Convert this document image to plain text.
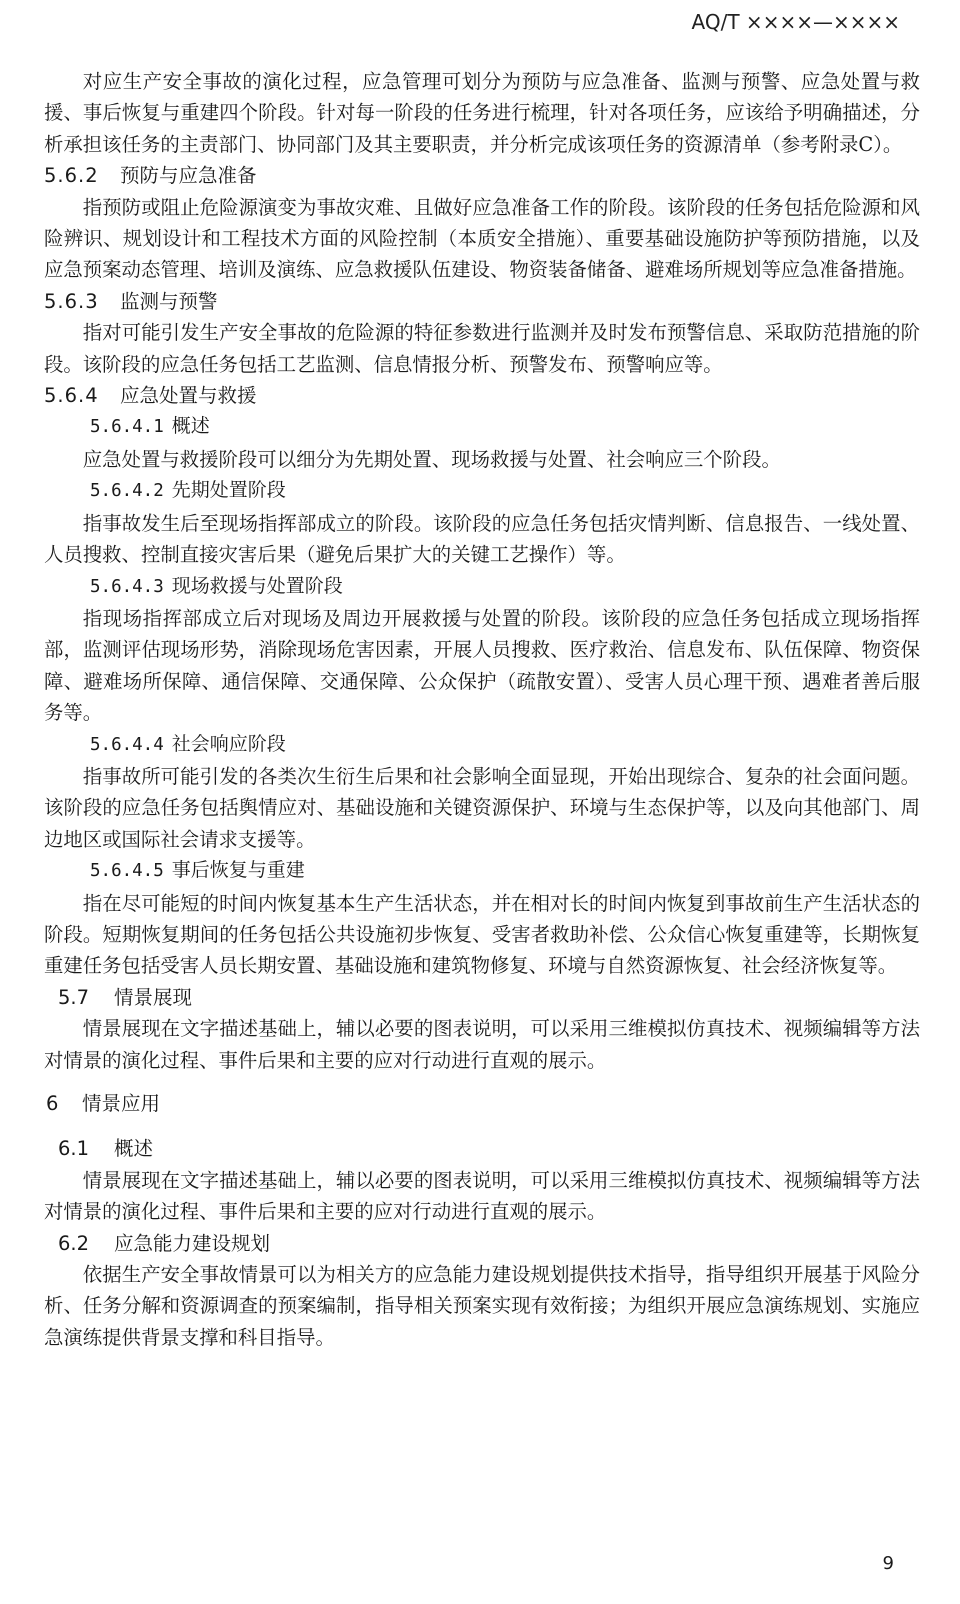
AQ/T ××××—××××

对应生产安全事故的演化过程，应急管理可划分为预防与应急准备、监测与预警、应急处置与救援、事后恢复与重建四个阶段。针对每一阶段的任务进行梳理，针对各项任务，应该给予明确描述，分析承担该任务的主责部门、协同部门及其主要职责，并分析完成该项任务的资源清单（参考附录C）。

5.6.2 预防与应急准备

指预防或阻止危险源演变为事故灾难、且做好应急准备工作的阶段。该阶段的任务包括危险源和风险辨识、规划设计和工程技术方面的风险控制（本质安全措施）、重要基础设施防护等预防措施，以及应急预案动态管理、培训及演练、应急救援队伍建设、物资装备储备、避难场所规划等应急准备措施。

5.6.3 监测与预警

指对可能引发生产安全事故的危险源的特征参数进行监测并及时发布预警信息、采取防范措施的阶段。该阶段的应急任务包括工艺监测、信息情报分析、预警发布、预警响应等。

5.6.4 应急处置与救援
5.6.4.1 概述

应急处置与救援阶段可以细分为先期处置、现场救援与处置、社会响应三个阶段。

5.6.4.2 先期处置阶段

指事故发生后至现场指挥部成立的阶段。该阶段的应急任务包括灾情判断、信息报告、一线处置、人员搜救、控制直接灾害后果（避免后果扩大的关键工艺操作）等。

5.6.4.3 现场救援与处置阶段

指现场指挥部成立后对现场及周边开展救援与处置的阶段。该阶段的应急任务包括成立现场指挥部，监测评估现场形势，消除现场危害因素，开展人员搜救、医疗救治、信息发布、队伍保障、物资保障、避难场所保障、通信保障、交通保障、公众保护（疏散安置）、受害人员心理干预、遇难者善后服务等。

5.6.4.4 社会响应阶段

指事故所可能引发的各类次生衍生后果和社会影响全面显现，开始出现综合、复杂的社会面问题。该阶段的应急任务包括舆情应对、基础设施和关键资源保护、环境与生态保护等，以及向其他部门、周边地区或国际社会请求支援等。

5.6.4.5 事后恢复与重建

指在尽可能短的时间内恢复基本生产生活状态，并在相对长的时间内恢复到事故前生产生活状态的阶段。短期恢复期间的任务包括公共设施初步恢复、受害者救助补偿、公众信心恢复重建等，长期恢复重建任务包括受害人员长期安置、基础设施和建筑物修复、环境与自然资源恢复、社会经济恢复等。

5.7 情景展现

情景展现在文字描述基础上，辅以必要的图表说明，可以采用三维模拟仿真技术、视频编辑等方法对情景的演化过程、事件后果和主要的应对行动进行直观的展示。

6 情景应用
6.1 概述

情景展现在文字描述基础上，辅以必要的图表说明，可以采用三维模拟仿真技术、视频编辑等方法对情景的演化过程、事件后果和主要的应对行动进行直观的展示。

6.2 应急能力建设规划

依据生产安全事故情景可以为相关方的应急能力建设规划提供技术指导，指导组织开展基于风险分析、任务分解和资源调查的预案编制，指导相关预案实现有效衔接；为组织开展应急演练规划、实施应急演练提供背景支撑和科目指导。

9
